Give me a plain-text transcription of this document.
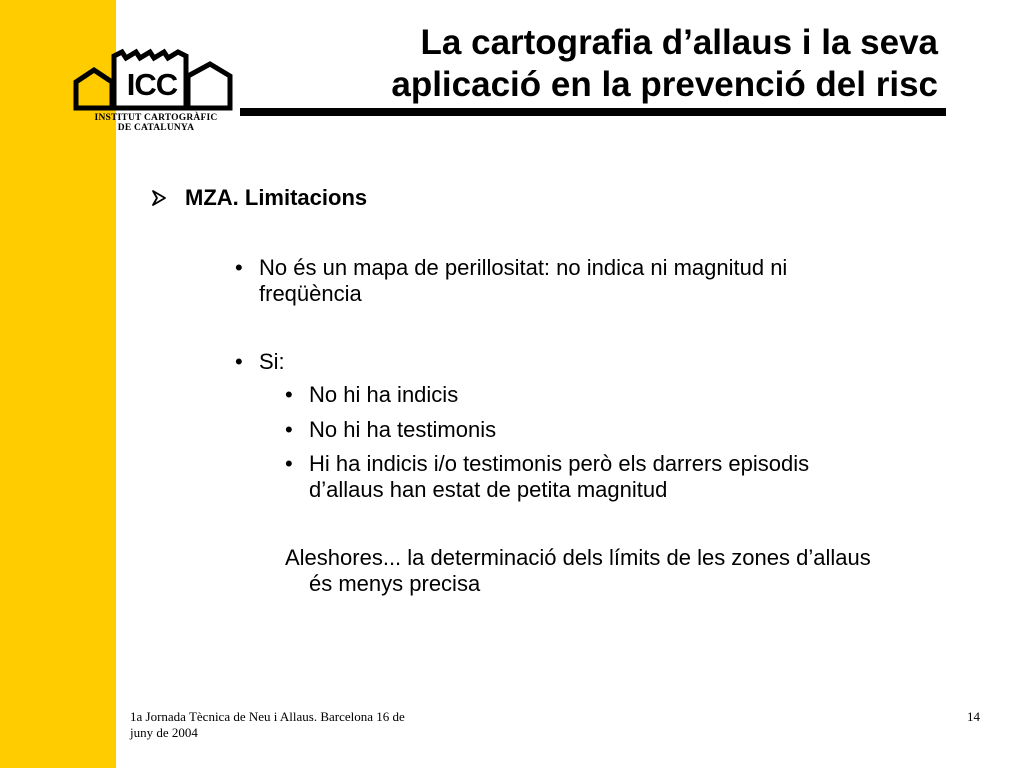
ICC
INSTITUT CARTOGRÀFIC
DE CATALUNYA
La cartografia d’allaus i la seva
aplicació en la prevenció del risc
MZA. Limitacions
• No és un mapa de perillositat: no indica ni magnitud ni
freqüència
• Si:
• No hi ha indicis
• No hi ha testimonis
• Hi ha indicis i/o testimonis però els darrers episodis
d’allaus han estat de petita magnitud
Aleshores... la determinació dels límits de les zones d’allaus
és menys precisa
1a Jornada Tècnica de Neu i Allaus. Barcelona 16 de
juny de 2004
14
